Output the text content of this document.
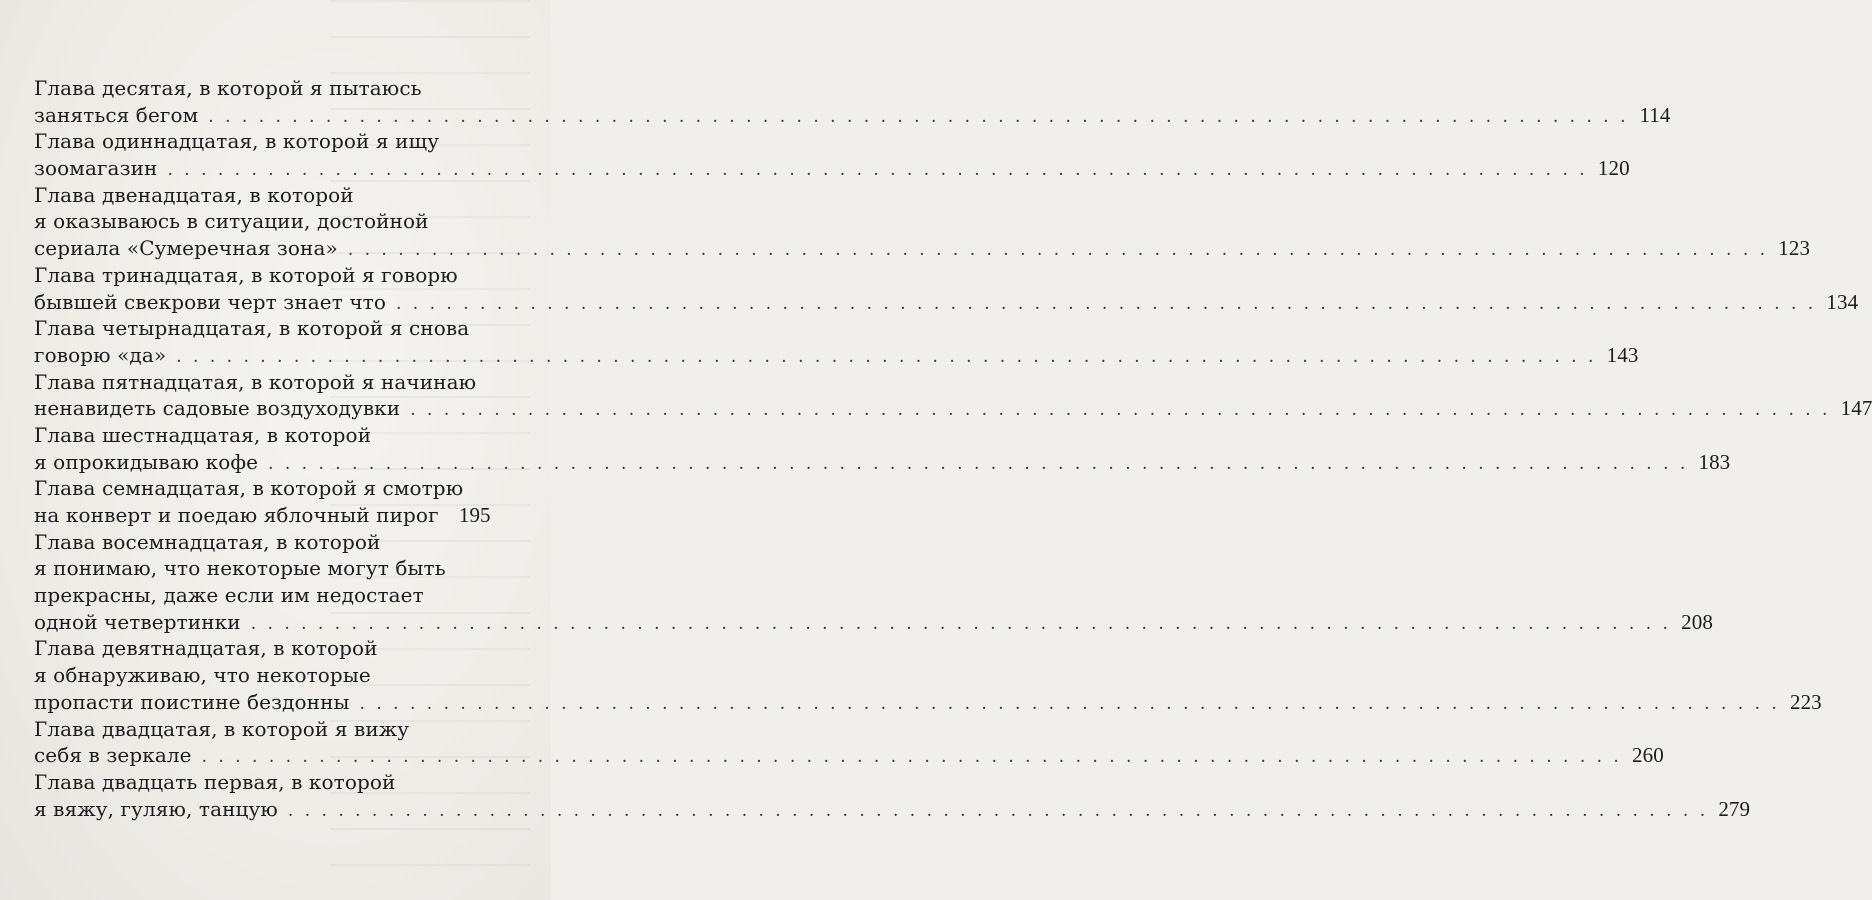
Глава десятая, в которой я пытаюсь
заняться бегом . . .	114
Глава одиннадцатая, в которой я ищу
зоомагазин . . .	120
Глава двенадцатая, в которой
я оказываюсь в ситуации, достойной
сериала «Сумеречная зона» . . .	123
Глава тринадцатая, в которой я говорю
бывшей свекрови черт знает что . . .	134
Глава четырнадцатая, в которой я снова
говорю «да» . . .	143
Глава пятнадцатая, в которой я начинаю
ненавидеть садовые воздуходувки . . .	147
Глава шестнадцатая, в которой
я опрокидываю кофе . . .	183
Глава семнадцатая, в которой я смотрю
на конверт и поедаю яблочный пирог 195
Глава восемнадцатая, в которой
я понимаю, что некоторые могут быть
прекрасны, даже если им недостает
одной четвертинки . . .	208
Глава девятнадцатая, в которой
я обнаруживаю, что некоторые
пропасти поистине бездонны . . .	223
Глава двадцатая, в которой я вижу
себя в зеркале . . .	260
Глава двадцать первая, в которой
я вяжу, гуляю, танцую . . .	279
